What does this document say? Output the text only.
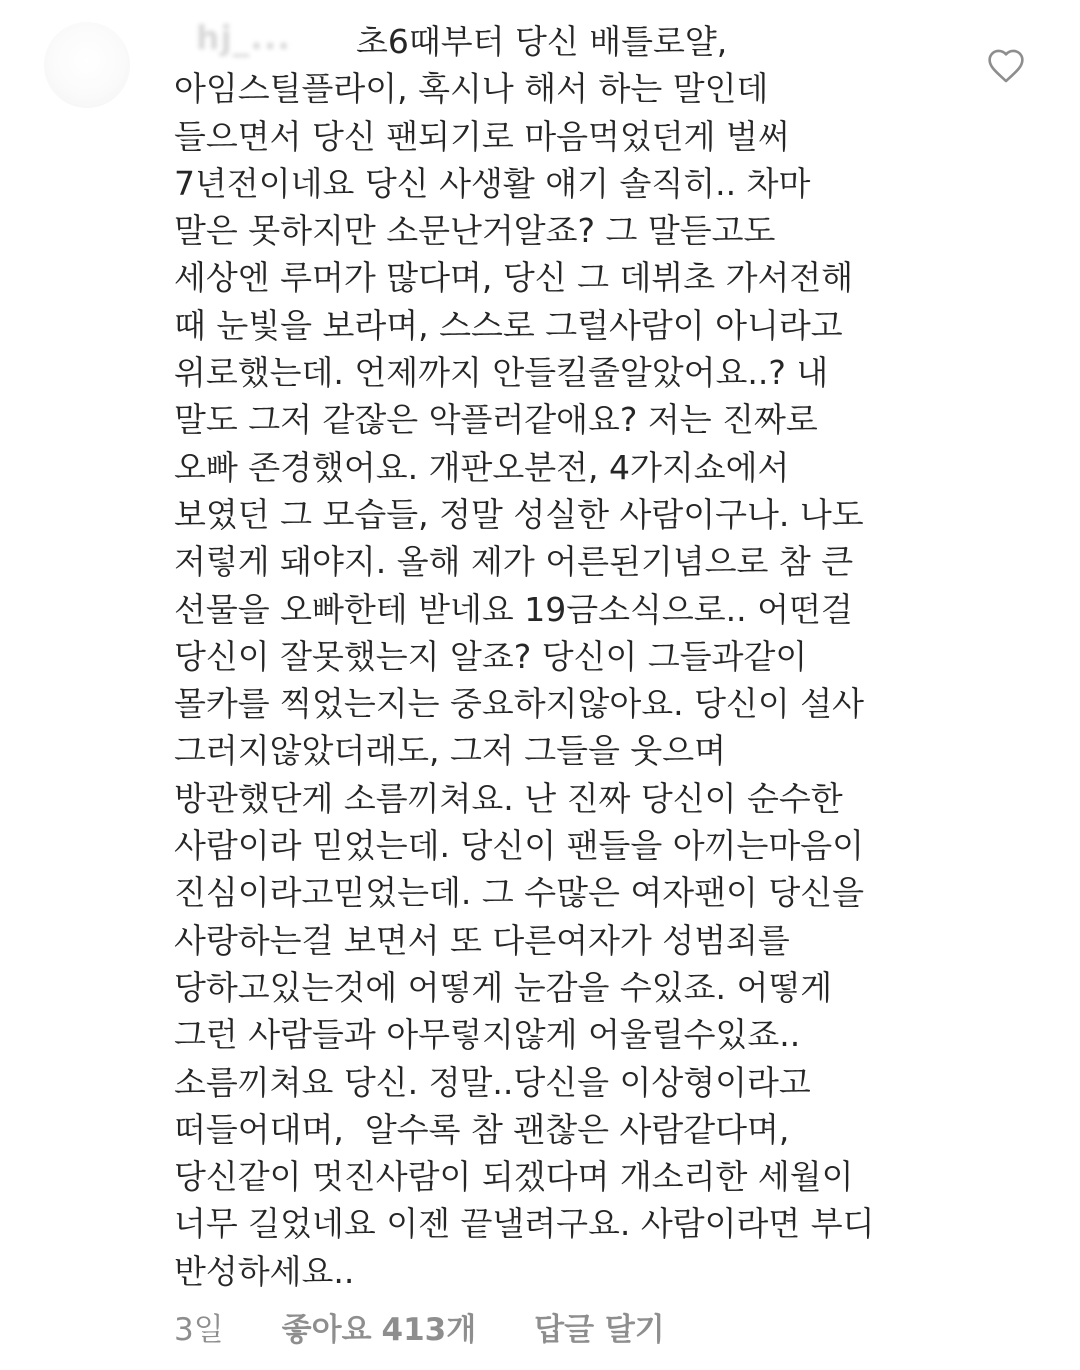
hj_...	초6때부터 당신 배틀로얄,
아임스틸플라이, 혹시나 해서 하는 말인데
들으면서 당신 팬되기로 마음먹었던게 벌써
7년전이네요 당신 사생활 얘기 솔직히.. 차마
말은 못하지만 소문난거알죠? 그 말듣고도
세상엔 루머가 많다며, 당신 그 데뷔초 가서전해
때 눈빛을 보라며, 스스로 그럴사람이 아니라고
위로했는데. 언제까지 안들킬줄알았어요..? 내
말도 그저 같잖은 악플러같애요? 저는 진짜로
오빠 존경했어요. 개판오분전, 4가지쇼에서
보였던 그 모습들, 정말 성실한 사람이구나. 나도
저렇게 돼야지. 올해 제가 어른된기념으로 참 큰
선물을 오빠한테 받네요 19금소식으로.. 어떤걸
당신이 잘못했는지 알죠? 당신이 그들과같이
몰카를 찍었는지는 중요하지않아요. 당신이 설사
그러지않았더래도, 그저 그들을 웃으며
방관했단게 소름끼쳐요. 난 진짜 당신이 순수한
사람이라 믿었는데. 당신이 팬들을 아끼는마음이
진심이라고믿었는데. 그 수많은 여자팬이 당신을
사랑하는걸 보면서 또 다른여자가 성범죄를
당하고있는것에 어떻게 눈감을 수있죠. 어떻게
그런 사람들과 아무렇지않게 어울릴수있죠..
소름끼쳐요 당신. 정말..당신을 이상형이라고
떠들어대며,  알수록 참 괜찮은 사람같다며,
당신같이 멋진사람이 되겠다며 개소리한 세월이
너무 길었네요 이젠 끝낼려구요. 사람이라면 부디
반성하세요..

3일 좋아요 413개 답글 달기
